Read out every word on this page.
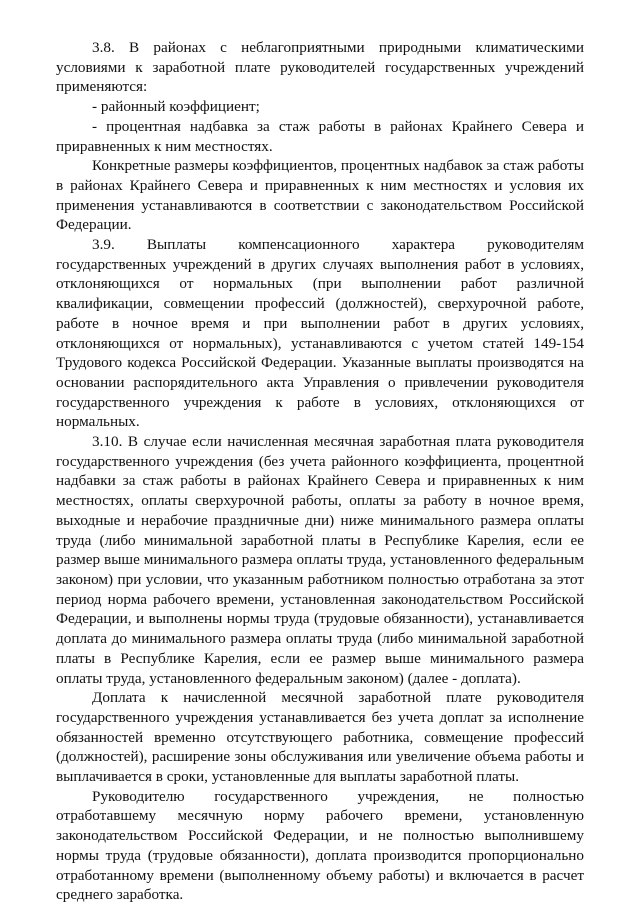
3.8. В районах с неблагоприятными природными климатическими условиями к заработной плате руководителей государственных учреждений применяются:

- районный коэффициент;

- процентная надбавка за стаж работы в районах Крайнего Севера и приравненных к ним местностях.

Конкретные размеры коэффициентов, процентных надбавок за стаж работы в районах Крайнего Севера и приравненных к ним местностях и условия их применения устанавливаются в соответствии с законодательством Российской Федерации.

3.9. Выплаты компенсационного характера руководителям государственных учреждений в других случаях выполнения работ в условиях, отклоняющихся от нормальных (при выполнении работ различной квалификации, совмещении профессий (должностей), сверхурочной работе, работе в ночное время и при выполнении работ в других условиях, отклоняющихся от нормальных), устанавливаются с учетом статей 149-154 Трудового кодекса Российской Федерации. Указанные выплаты производятся на основании распорядительного акта Управления о привлечении руководителя государственного учреждения к работе в условиях, отклоняющихся от нормальных.

3.10. В случае если начисленная месячная заработная плата руководителя государственного учреждения (без учета районного коэффициента, процентной надбавки за стаж работы в районах Крайнего Севера и приравненных к ним местностях, оплаты сверхурочной работы, оплаты за работу в ночное время, выходные и нерабочие праздничные дни) ниже минимального размера оплаты труда (либо минимальной заработной платы в Республике Карелия, если ее размер выше минимального размера оплаты труда, установленного федеральным законом) при условии, что указанным работником полностью отработана за этот период норма рабочего времени, установленная законодательством Российской Федерации, и выполнены нормы труда (трудовые обязанности), устанавливается доплата до минимального размера оплаты труда (либо минимальной заработной платы в Республике Карелия, если ее размер выше минимального размера оплаты труда, установленного федеральным законом) (далее - доплата).

Доплата к начисленной месячной заработной плате руководителя государственного учреждения устанавливается без учета доплат за исполнение обязанностей временно отсутствующего работника, совмещение профессий (должностей), расширение зоны обслуживания или увеличение объема работы и выплачивается в сроки, установленные для выплаты заработной платы.

Руководителю государственного учреждения, не полностью отработавшему месячную норму рабочего времени, установленную законодательством Российской Федерации, и не полностью выполнившему нормы труда (трудовые обязанности), доплата производится пропорционально отработанному времени (выполненному объему работы) и включается в расчет среднего заработка.
